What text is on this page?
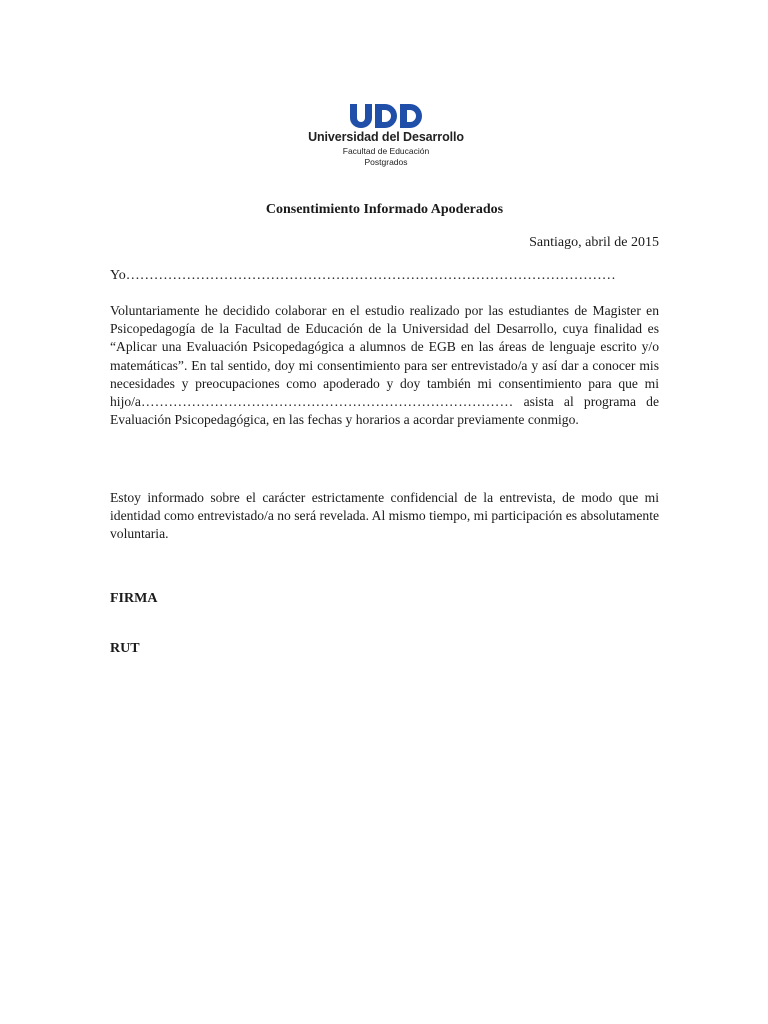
Universidad del Desarrollo
Facultad de Educación
Postgrados
Consentimiento Informado Apoderados
Santiago, abril de 2015
Yo……………………………………………………………………………………………
Voluntariamente he decidido colaborar en el estudio realizado por las estudiantes de Magister en Psicopedagogía de la Facultad de Educación de la Universidad del Desarrollo, cuya finalidad es “Aplicar una Evaluación Psicopedagógica a alumnos de EGB en las áreas de lenguaje escrito y/o matemáticas”. En tal sentido, doy mi consentimiento para ser entrevistado/a y así dar a conocer mis necesidades y preocupaciones como apoderado y doy también mi consentimiento para que mi hijo/a……………………………………………………………………… asista al programa de Evaluación Psicopedagógica, en las fechas y horarios a acordar previamente conmigo.
Estoy informado sobre el carácter estrictamente confidencial de la entrevista, de modo que mi identidad como entrevistado/a no será revelada. Al mismo tiempo, mi participación es absolutamente voluntaria.
FIRMA
RUT
